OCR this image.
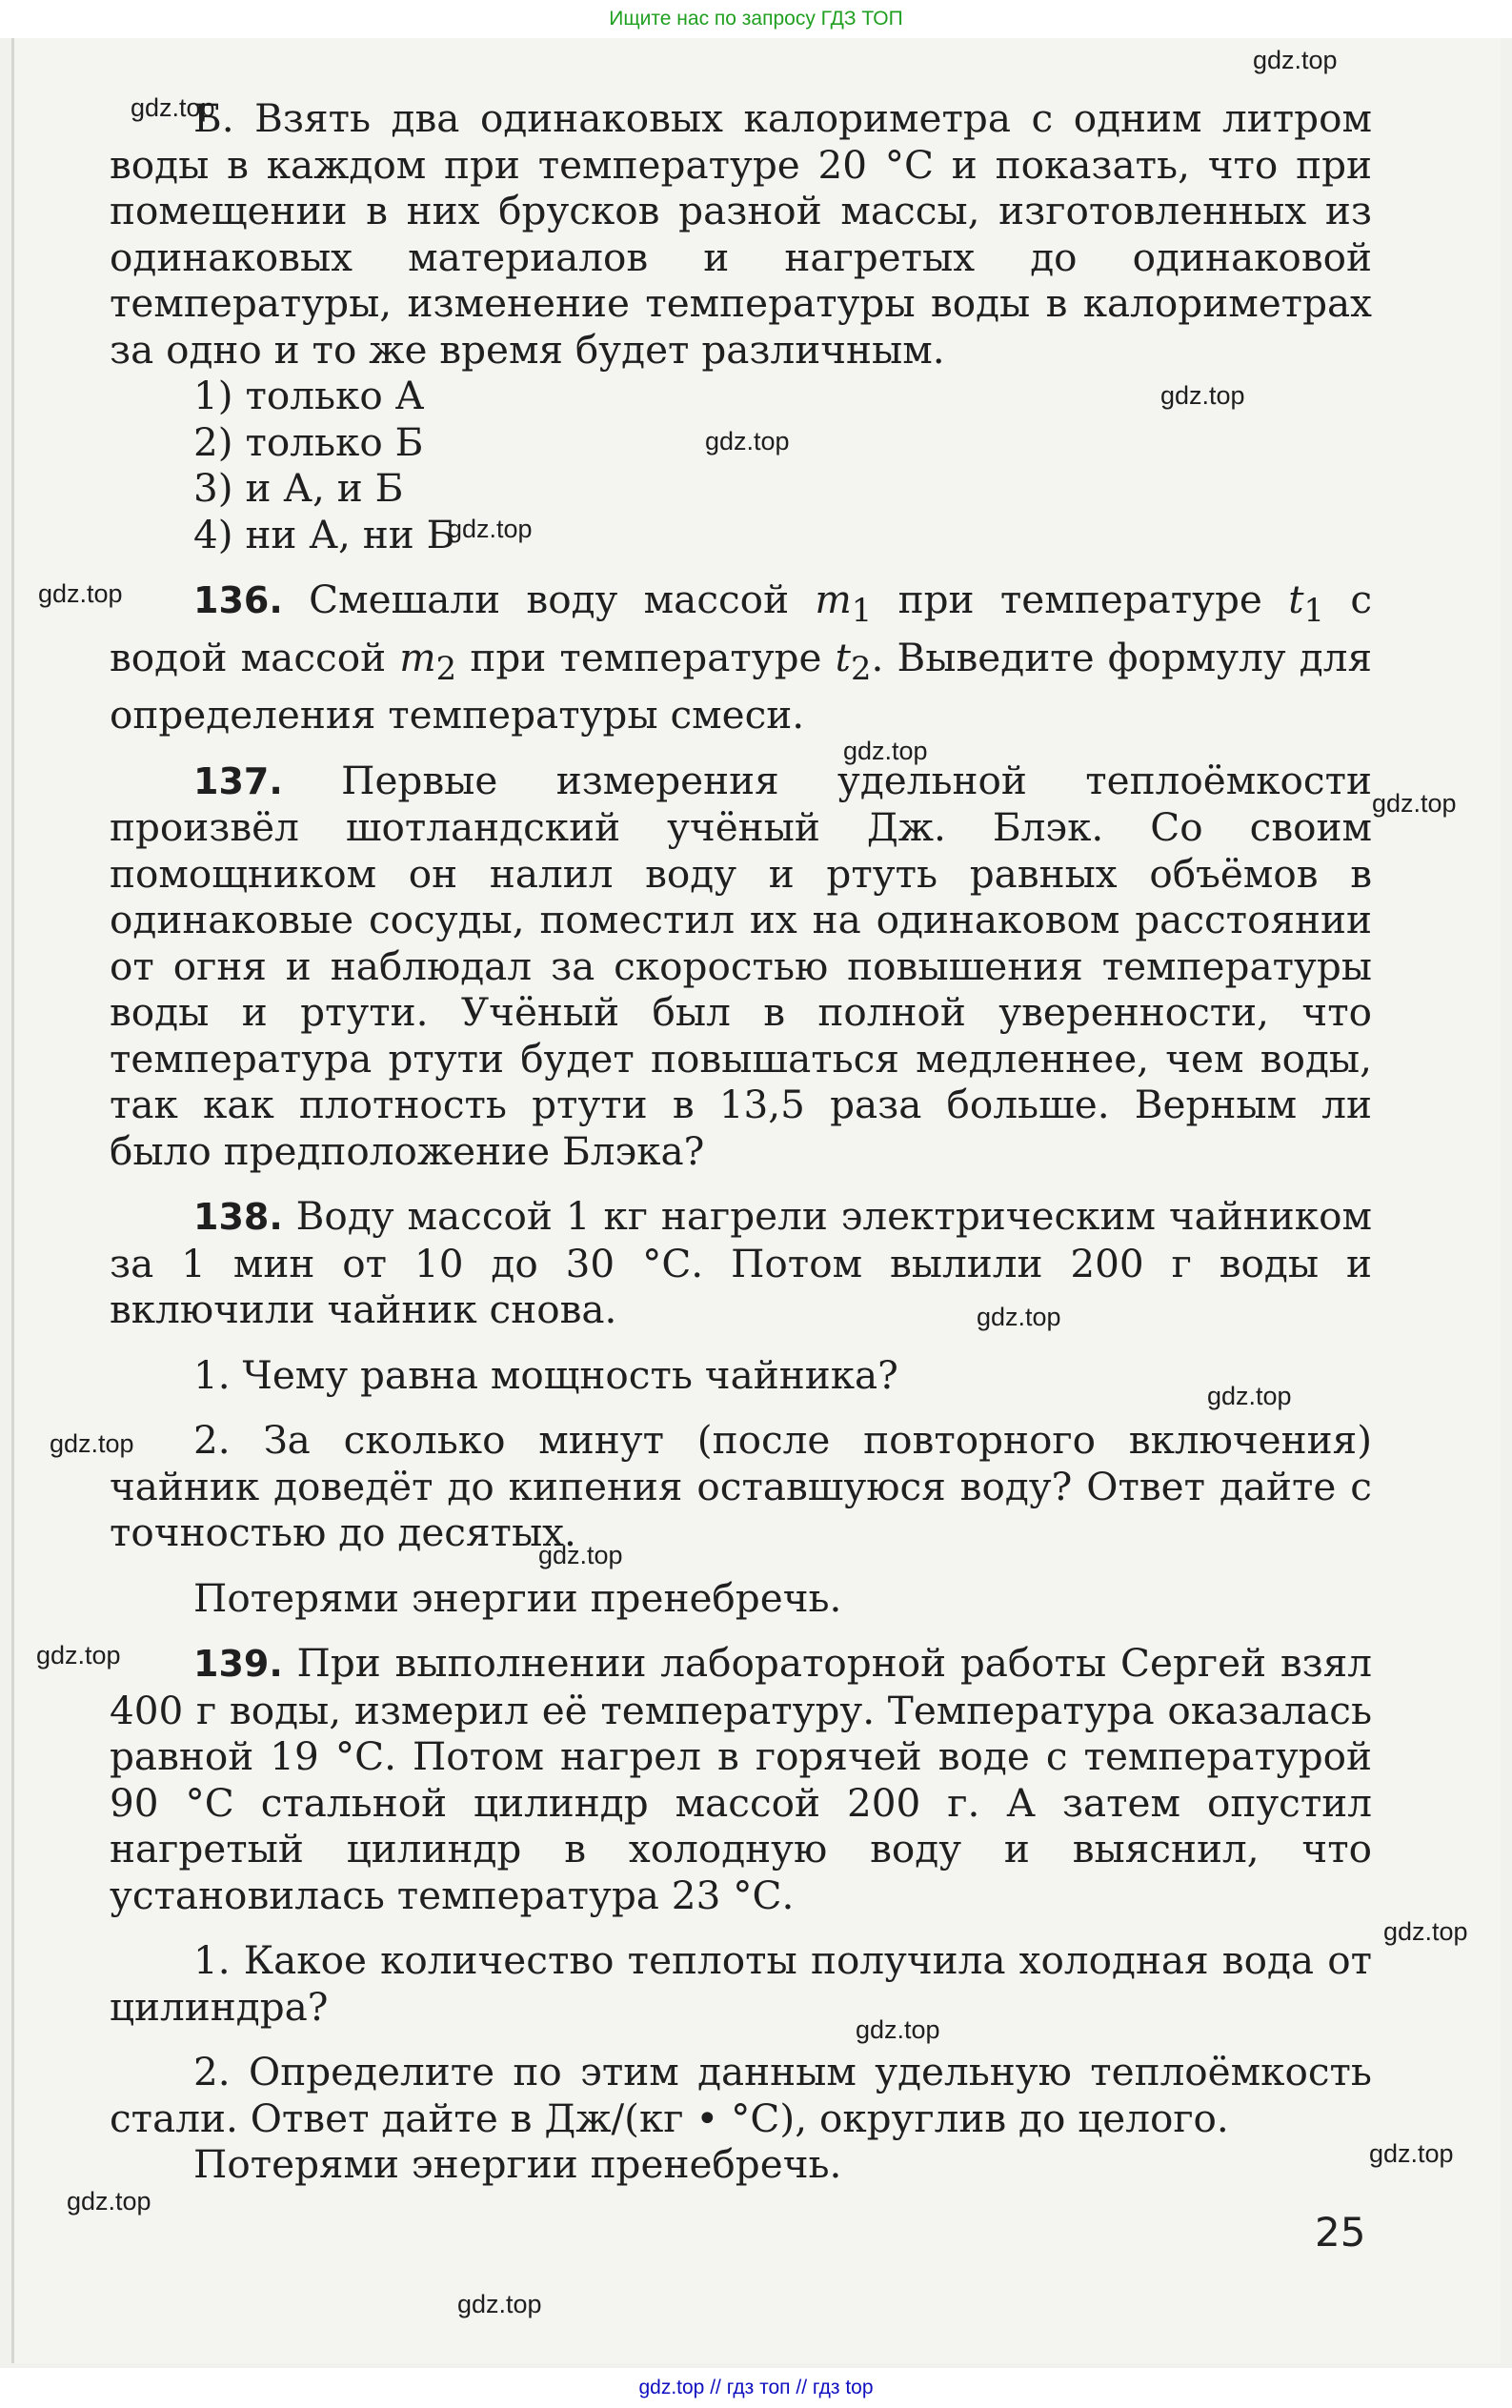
Ищите нас по запросу ГДЗ ТОП

Б. Взять два одинаковых калориметра с одним литром воды в каждом при температуре 20 °С и показать, что при помещении в них брусков разной массы, изготовленных из одинаковых материалов и нагретых до одинаковой температуры, изменение температуры воды в калориметрах за одно и то же время будет различным.

1) только А

2) только Б

3) и А, и Б

4) ни А, ни Б

136. Смешали воду массой $m_1$ при температуре $t_1$ с водой массой $m_2$ при температуре $t_2$. Выведите формулу для определения температуры смеси.

137. Первые измерения удельной теплоёмкости произвёл шотландский учёный Дж. Блэк. Со своим помощником он налил воду и ртуть равных объёмов в одинаковые сосуды, поместил их на одинаковом расстоянии от огня и наблюдал за скоростью повышения температуры воды и ртути. Учёный был в полной уверенности, что температура ртути будет повышаться медленнее, чем воды, так как плотность ртути в 13,5 раза больше. Верным ли было предположение Блэка?

138. Воду массой 1 кг нагрели электрическим чайником за 1 мин от 10 до 30 °С. Потом вылили 200 г воды и включили чайник снова.

1. Чему равна мощность чайника?

2. За сколько минут (после повторного включения) чайник доведёт до кипения оставшуюся воду? Ответ дайте с точностью до десятых.

Потерями энергии пренебречь.

139. При выполнении лабораторной работы Сергей взял 400 г воды, измерил её температуру. Температура оказалась равной 19 °С. Потом нагрел в горячей воде с температурой 90 °С стальной цилиндр массой 200 г. А затем опустил нагретый цилиндр в холодную воду и выяснил, что установилась температура 23 °С.

1. Какое количество теплоты получила холодная вода от цилиндра?

2. Определите по этим данным удельную теплоёмкость стали. Ответ дайте в Дж/(кг • °С), округлив до целого.

Потерями энергии пренебречь.

25
gdz.top
gdz.top
gdz.top
gdz.top
gdz.top
gdz.top
gdz.top
gdz.top
gdz.top
gdz.top
gdz.top
gdz.top
gdz.top
gdz.top
gdz.top
gdz.top
gdz.top
gdz.top
gdz.top // гдз топ // гдз top
